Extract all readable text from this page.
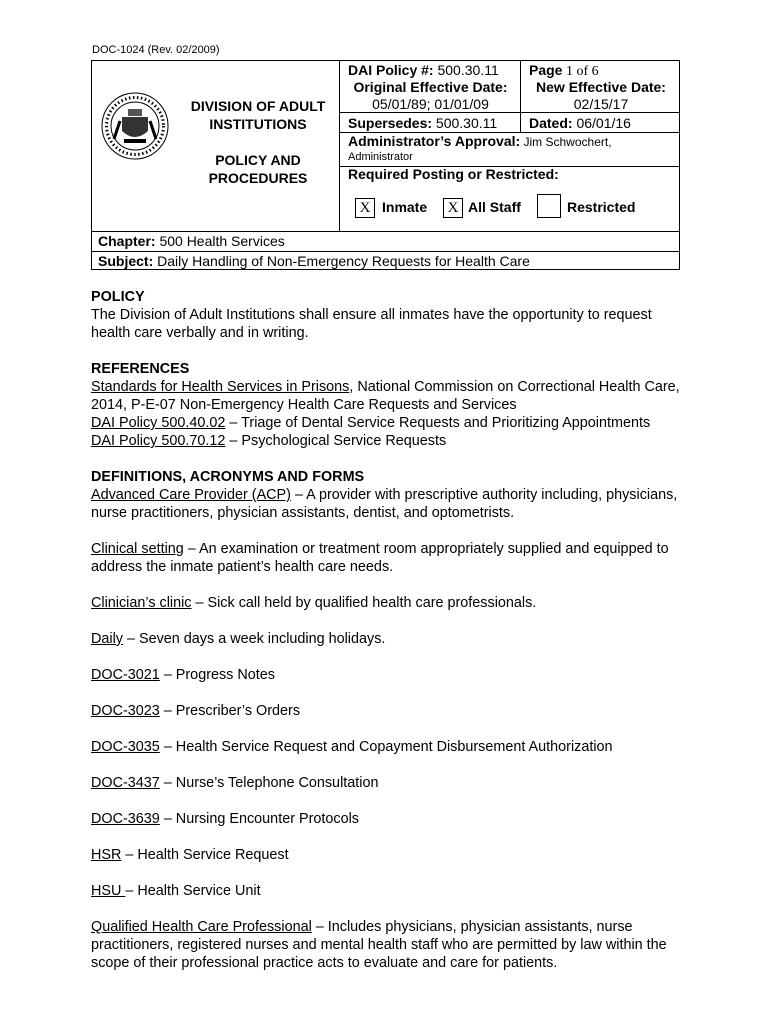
DOC-1024 (Rev. 02/2009)
DIVISION OF ADULT
INSTITUTIONS
POLICY AND
PROCEDURES
DAI Policy #: 500.30.11 Page 1 of 6
Original Effective Date:
05/01/89; 01/01/09
New Effective Date:
02/15/17
Supersedes: 500.30.11 Dated: 06/01/16
Administrator’s Approval: Jim Schwochert,
Administrator
Required Posting or Restricted:
X Inmate	X All Staff	Restricted
Chapter: 500 Health Services
Subject: Daily Handling of Non-Emergency Requests for Health Care

POLICY

The Division of Adult Institutions shall ensure all inmates have the opportunity to request health care verbally and in writing.

REFERENCES

Standards for Health Services in Prisons, National Commission on Correctional Health Care, 2014, P-E-07 Non-Emergency Health Care Requests and Services

DAI Policy 500.40.02 – Triage of Dental Service Requests and Prioritizing Appointments

DAI Policy 500.70.12 – Psychological Service Requests

DEFINITIONS, ACRONYMS AND FORMS

Advanced Care Provider (ACP) – A provider with prescriptive authority including, physicians, nurse practitioners, physician assistants, dentist, and optometrists.

Clinical setting – An examination or treatment room appropriately supplied and equipped to address the inmate patient’s health care needs.

Clinician’s clinic – Sick call held by qualified health care professionals.

Daily – Seven days a week including holidays.

DOC-3021 – Progress Notes

DOC-3023 – Prescriber’s Orders

DOC-3035 – Health Service Request and Copayment Disbursement Authorization

DOC-3437 – Nurse’s Telephone Consultation

DOC-3639 – Nursing Encounter Protocols

HSR – Health Service Request

HSU – Health Service Unit

Qualified Health Care Professional – Includes physicians, physician assistants, nurse practitioners, registered nurses and mental health staff who are permitted by law within the scope of their professional practice acts to evaluate and care for patients.
